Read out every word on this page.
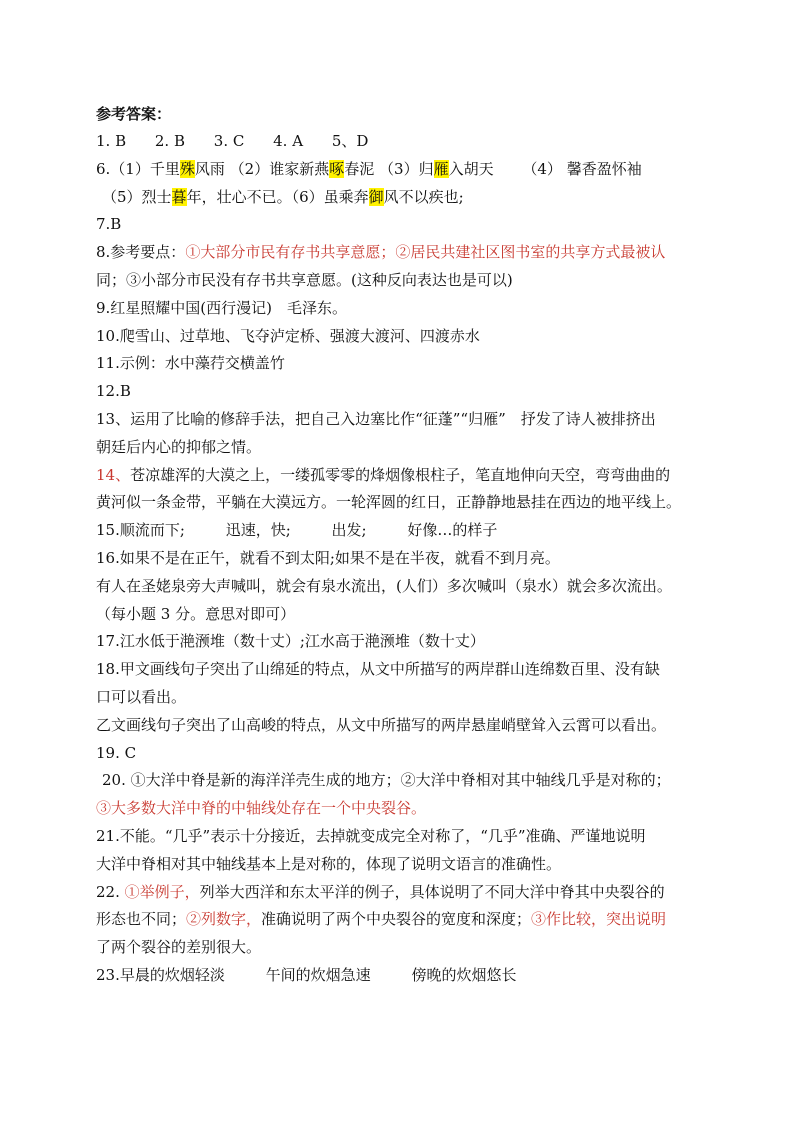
参考答案：
1. B 2. B 3. C 4. A 5、D
6.（1）千里殊风雨 （2）谁家新燕啄春泥 （3）归雁入胡天 （4） 馨香盈怀袖
（5）烈士暮年，壮心不已。（6）虽乘奔御风不以疾也;
7.B
8.参考要点：①大部分市民有存书共享意愿；②居民共建社区图书室的共享方式最被认
同；③小部分市民没有存书共享意愿。(这种反向表达也是可以)
9.红星照耀中国(西行漫记)　毛泽东。
10.爬雪山、过草地、飞夺泸定桥、强渡大渡河、四渡赤水
11.示例：水中藻荇交横盖竹
12.B
13、运用了比喻的修辞手法，把自己入边塞比作“征蓬”“归雁”　抒发了诗人被排挤出
朝廷后内心的抑郁之情。
14、苍凉雄浑的大漠之上，一缕孤零零的烽烟像根柱子，笔直地伸向天空，弯弯曲曲的
黄河似一条金带，平躺在大漠远方。一轮浑圆的红日，正静静地悬挂在西边的地平线上。
15.顺流而下;	迅速，快;	出发;	好像…的样子
16.如果不是在正午，就看不到太阳;如果不是在半夜，就看不到月亮。
有人在圣姥泉旁大声喊叫，就会有泉水流出，(人们）多次喊叫（泉水）就会多次流出。
（每小题 3 分。意思对即可）
17.江水低于滟滪堆（数十丈）;江水高于滟滪堆（数十丈）
18.甲文画线句子突出了山绵延的特点，从文中所描写的两岸群山连绵数百里、没有缺
口可以看出。
乙文画线句子突出了山高峻的特点，从文中所描写的两岸悬崖峭壁耸入云霄可以看出。
19. C
20. ①大洋中脊是新的海洋洋壳生成的地方；②大洋中脊相对其中轴线几乎是对称的；
③大多数大洋中脊的中轴线处存在一个中央裂谷。
21.不能。“几乎”表示十分接近，去掉就变成完全对称了，“几乎”准确、严谨地说明
大洋中脊相对其中轴线基本上是对称的，体现了说明文语言的准确性。
22. ①举例子，列举大西洋和东太平洋的例子，具体说明了不同大洋中脊其中央裂谷的
形态也不同；②列数字，准确说明了两个中央裂谷的宽度和深度；③作比较，突出说明
了两个裂谷的差别很大。
23.早晨的炊烟轻淡	午间的炊烟急速	傍晚的炊烟悠长
